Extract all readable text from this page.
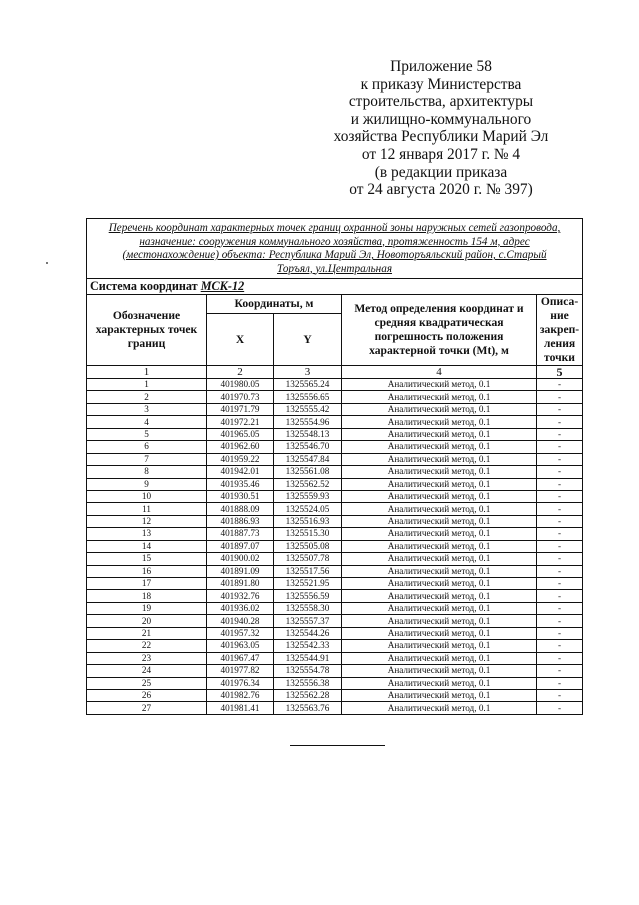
Приложение 58
к приказу Министерства
строительства, архитектуры
и жилищно-коммунального
хозяйства Республики Марий Эл
от 12 января 2017 г. № 4
(в редакции приказа
от 24 августа 2020 г. № 397)
Перечень координат характерных точек границ охранной зоны наружных сетей газопровода,
назначение: сооружения коммунального хозяйства, протяженность 154 м, адрес
(местонахождение) объекта: Республика Марий Эл, Новоторъяльский район, с.Старый
Торъял, ул.Центральная				

Система координат МСК-12				
Обозначение характерных точек границ	Координаты, м		Метод определения координат и средняя квадратическая погрешность положения характерной точки (Mt), м	Описа-ние закреп-ления точки
	X	Y		
1	2	3	4	5
1	401980.05	1325565.24	Аналитический метод, 0.1	-
2	401970.73	1325556.65	Аналитический метод, 0.1	-
3	401971.79	1325555.42	Аналитический метод, 0.1	-
4	401972.21	1325554.96	Аналитический метод, 0.1	-
5	401965.05	1325548.13	Аналитический метод, 0.1	-
6	401962.60	1325546.70	Аналитический метод, 0.1	-
7	401959.22	1325547.84	Аналитический метод, 0.1	-
8	401942.01	1325561.08	Аналитический метод, 0.1	-
9	401935.46	1325562.52	Аналитический метод, 0.1	-
10	401930.51	1325559.93	Аналитический метод, 0.1	-
11	401888.09	1325524.05	Аналитический метод, 0.1	-
12	401886.93	1325516.93	Аналитический метод, 0.1	-
13	401887.73	1325515.30	Аналитический метод, 0.1	-
14	401897.07	1325505.08	Аналитический метод, 0.1	-
15	401900.02	1325507.78	Аналитический метод, 0.1	-
16	401891.09	1325517.56	Аналитический метод, 0.1	-
17	401891.80	1325521.95	Аналитический метод, 0.1	-
18	401932.76	1325556.59	Аналитический метод, 0.1	-
19	401936.02	1325558.30	Аналитический метод, 0.1	-
20	401940.28	1325557.37	Аналитический метод, 0.1	-
21	401957.32	1325544.26	Аналитический метод, 0.1	-
22	401963.05	1325542.33	Аналитический метод, 0.1	-
23	401967.47	1325544.91	Аналитический метод, 0.1	-
24	401977.82	1325554.78	Аналитический метод, 0.1	-
25	401976.34	1325556.38	Аналитический метод, 0.1	-
26	401982.76	1325562.28	Аналитический метод, 0.1	-
27	401981.41	1325563.76	Аналитический метод, 0.1	-
